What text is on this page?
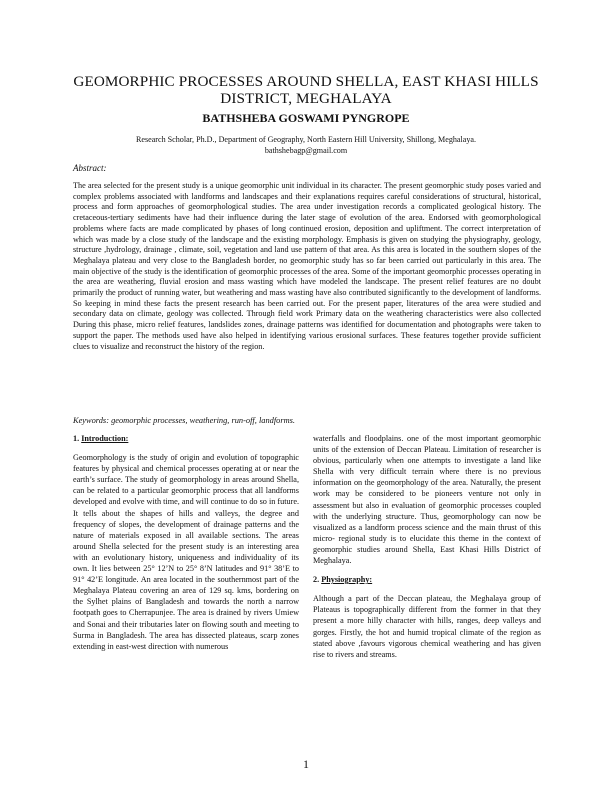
GEOMORPHIC PROCESSES AROUND SHELLA, EAST KHASI HILLS DISTRICT, MEGHALAYA
BATHSHEBA GOSWAMI PYNGROPE
Research Scholar, Ph.D., Department of Geography, North Eastern Hill University, Shillong, Meghalaya.
bathshebagp@gmail.com
Abstract:
The area selected for the present study is a unique geomorphic unit individual in its character. The present geomorphic study poses varied and complex problems associated with landforms and landscapes and their explanations requires careful considerations of structural, historical, process and form approaches of geomorphological studies. The area under investigation records a complicated geological history. The cretaceous-tertiary sediments have had their influence during the later stage of evolution of the area. Endorsed with geomorphological problems where facts are made complicated by phases of long continued erosion, deposition and upliftment. The correct interpretation of which was made by a close study of the landscape and the existing morphology. Emphasis is given on studying the physiography, geology, structure ,hydrology, drainage , climate, soil, vegetation and land use pattern of that area. As this area is located in the southern slopes of the Meghalaya plateau and very close to the Bangladesh border, no geomorphic study has so far been carried out particularly in this area. The main objective of the study is the identification of geomorphic processes of the area. Some of the important geomorphic processes operating in the area are weathering, fluvial erosion and mass wasting which have modeled the landscape. The present relief features are no doubt primarily the product of running water, but weathering and mass wasting have also contributed significantly to the development of landforms. So keeping in mind these facts the present research has been carried out. For the present paper, literatures of the area were studied and secondary data on climate, geology was collected. Through field work Primary data on the weathering characteristics were also collected During this phase, micro relief features, landslides zones, drainage patterns was identified for documentation and photographs were taken to support the paper. The methods used have also helped in identifying various erosional surfaces. These features together provide sufficient clues to visualize and reconstruct the history of the region.
Keywords: geomorphic processes, weathering, run-off, landforms.
1. Introduction:

Geomorphology is the study of origin and evolution of topographic features by physical and chemical processes operating at or near the earth’s surface. The study of geomorphology in areas around Shella, can be related to a particular geomorphic process that all landforms developed and evolve with time, and will continue to do so in future. It tells about the shapes of hills and valleys, the degree and frequency of slopes, the development of drainage patterns and the nature of materials exposed in all available sections. The areas around Shella selected for the present study is an interesting area with an evolutionary history, uniqueness and individuality of its own. It lies between 25° 12’N to 25° 8’N latitudes and 91° 38’E to 91° 42’E longitude. An area located in the southernmost part of the Meghalaya Plateau covering an area of 129 sq. kms, bordering on the Sylhet plains of Bangladesh and towards the north a narrow footpath goes to Cherrapunjee. The area is drained by rivers Umiew and Sonai and their tributaries later on flowing south and meeting to Surma in Bangladesh. The area has dissected plateaus, scarp zones extending in east-west direction with numerous

waterfalls and floodplains. one of the most important geomorphic units of the extension of Deccan Plateau. Limitation of researcher is obvious, particularly when one attempts to investigate a land like Shella with very difficult terrain where there is no previous information on the geomorphology of the area. Naturally, the present work may be considered to be pioneers venture not only in assessment but also in evaluation of geomorphic processes coupled with the underlying structure. Thus, geomorphology can now be visualized as a landform process science and the main thrust of this micro- regional study is to elucidate this theme in the context of geomorphic studies around Shella, East Khasi Hills District of Meghalaya.

2. Physiography:

Although a part of the Deccan plateau, the Meghalaya group of Plateaus is topographically different from the former in that they present a more hilly character with hills, ranges, deep valleys and gorges. Firstly, the hot and humid tropical climate of the region as stated above ,favours vigorous chemical weathering and has given rise to rivers and streams.

1
